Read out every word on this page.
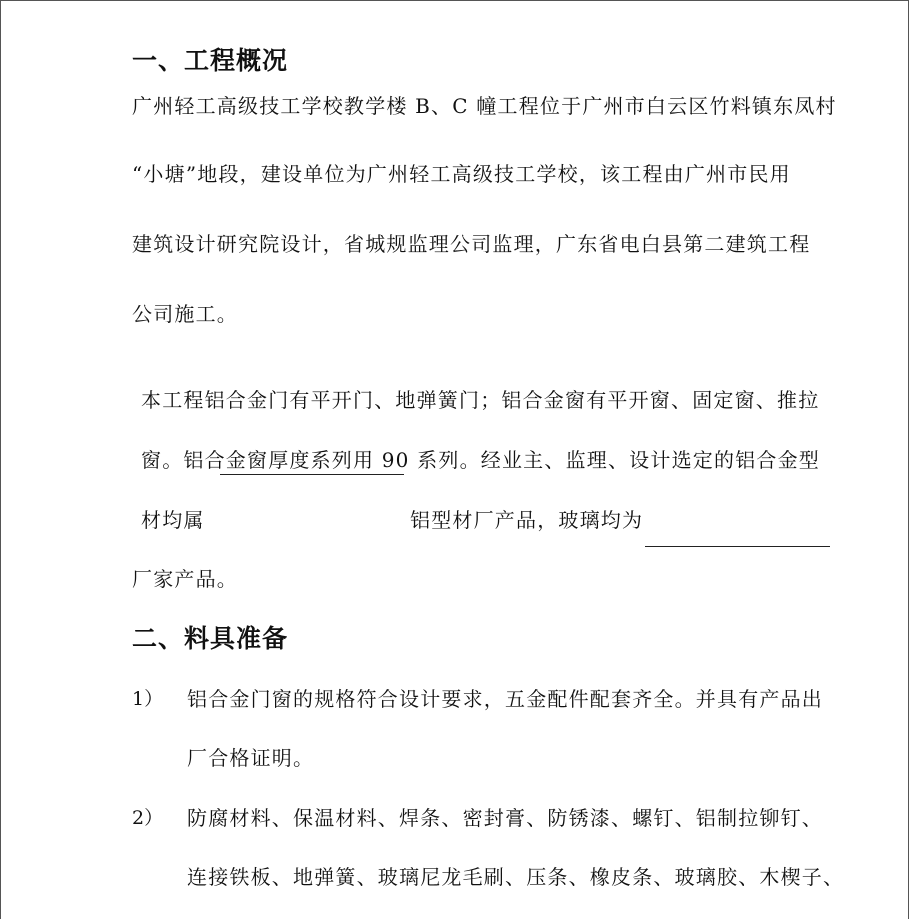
一、工程概况
广州轻工高级技工学校教学楼 B、C 幢工程位于广州市白云区竹料镇东凤村
“小塘”地段，建设单位为广州轻工高级技工学校，该工程由广州市民用
建筑设计研究院设计，省城规监理公司监理，广东省电白县第二建筑工程
公司施工。
本工程铝合金门有平开门、地弹簧门；铝合金窗有平开窗、固定窗、推拉
窗。铝合金窗厚度系列用 90 系列。经业主、监理、设计选定的铝合金型
材均属	铝型材厂产品，玻璃均为
厂家产品。
二、料具准备
1） 铝合金门窗的规格符合设计要求，五金配件配套齐全。并具有产品出
厂合格证明。
2） 防腐材料、保温材料、焊条、密封膏、防锈漆、螺钉、铝制拉铆钉、
连接铁板、地弹簧、玻璃尼龙毛刷、压条、橡皮条、玻璃胶、木楔子、
